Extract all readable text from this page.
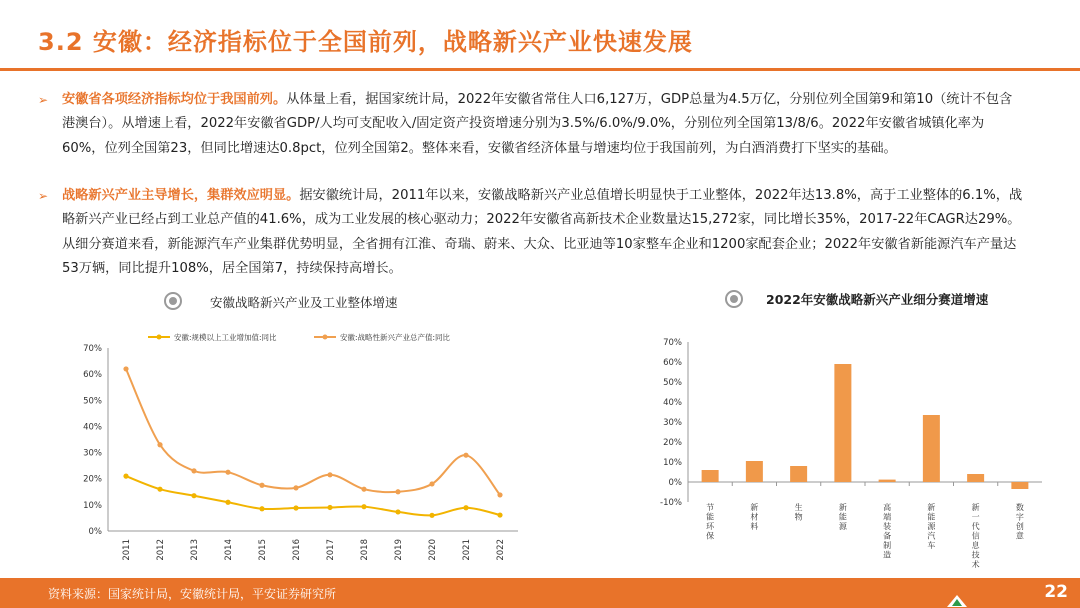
3.2 安徽：经济指标位于全国前列，战略新兴产业快速发展
➢ 安徽省各项经济指标均位于我国前列。从体量上看，据国家统计局，2022年安徽省常住人口6,127万，GDP总量为4.5万亿，分别位列全国第9和第10（统计不包含港澳台）。从增速上看，2022年安徽省GDP/人均可支配收入/固定资产投资增速分别为3.5%/6.0%/9.0%，分别位列全国第13/8/6。2022年安徽省城镇化率为60%，位列全国第23，但同比增速达0.8pct，位列全国第2。整体来看，安徽省经济体量与增速均位于我国前列，为白酒消费打下坚实的基础。
➢ 战略新兴产业主导增长，集群效应明显。据安徽统计局，2011年以来，安徽战略新兴产业总值增长明显快于工业整体，2022年达13.8%，高于工业整体的6.1%，战略新兴产业已经占到工业总产值的41.6%，成为工业发展的核心驱动力；2022年安徽省高新技术企业数量达15,272家，同比增长35%，2017-22年CAGR达29%。从细分赛道来看，新能源汽车产业集群优势明显，全省拥有江淮、奇瑞、蔚来、大众、比亚迪等10家整车企业和1200家配套企业；2022年安徽省新能源汽车产量达53万辆，同比提升108%，居全国第7，持续保持高增长。
安徽战略新兴产业及工业整体增速	2022年安徽战略新兴产业细分赛道增速
0%
10%
20%
30%
40%
50%
60%
70%
2011	2012	2013	2014	2015	2016	2017	2018	2019	2020	2021	2022
安徽:规模以上工业增加值:同比	安徽:战略性新兴产业总产值:同比
-10%
0%
10%
20%
30%
40%
50%
60%
70%
节能环保
新材料
生物
新能源
高端装备制造
新能源汽车
新一代信息技术
数字创意
资料来源：国家统计局，安徽统计局，平安证券研究所	22
